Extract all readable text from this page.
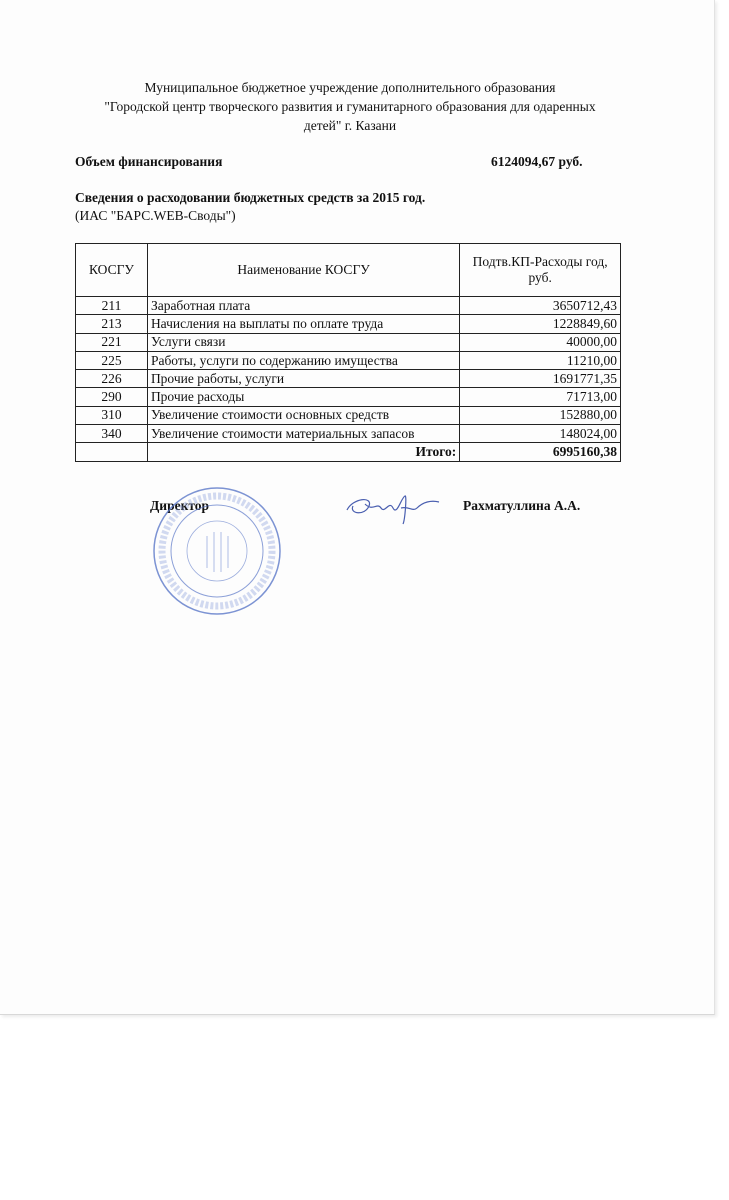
Муниципальное бюджетное учреждение дополнительного образования
"Городской центр творческого развития и гуманитарного образования для одаренных
детей" г. Казани
Объем финансирования	6124094,67 руб.
Сведения о расходовании бюджетных средств за 2015 год.
(ИАС "БАРС.WEB-Своды")
КОСГУ	Наименование КОСГУ	Подтв.КП-Расходы год, руб.
211	Заработная плата	3650712,43
213	Начисления на выплаты по оплате труда	1228849,60
221	Услуги связи	40000,00
225	Работы, услуги по содержанию имущества	11210,00
226	Прочие работы, услуги	1691771,35
290	Прочие расходы	71713,00
310	Увеличение стоимости основных средств	152880,00
340	Увеличение стоимости материальных запасов	148024,00
	Итого:	6995160,38
Директор	Рахматуллина А.А.
